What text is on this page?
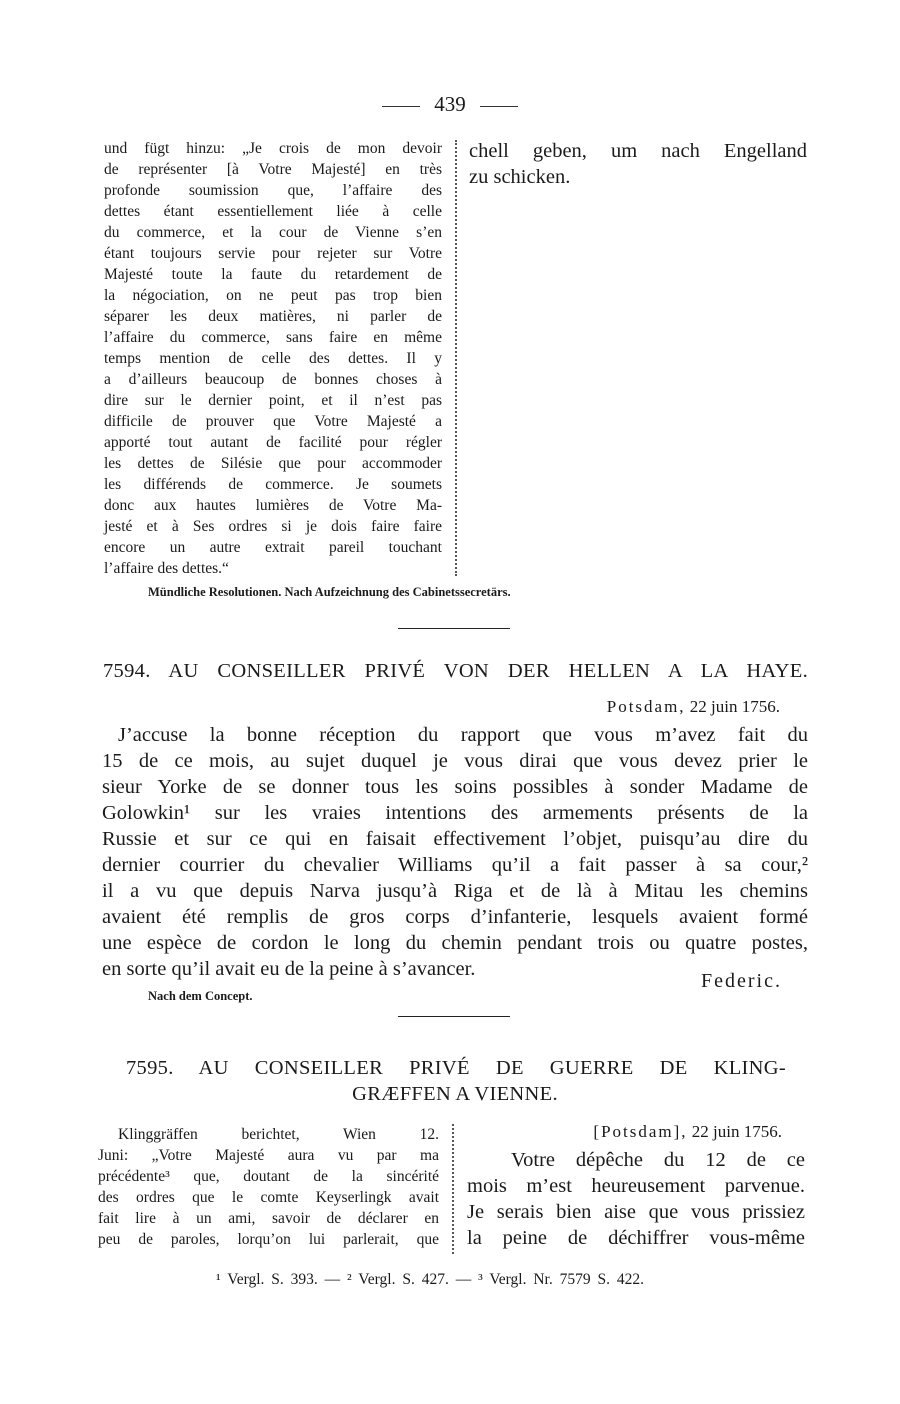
439
und fügt hinzu: „Je crois de mon devoir
de représenter [à Votre Majesté] en très
profonde soumission que, l’affaire des
dettes étant essentiellement liée à celle
du commerce, et la cour de Vienne s’en
étant toujours servie pour rejeter sur Votre
Majesté toute la faute du retardement de
la négociation, on ne peut pas trop bien
séparer les deux matières, ni parler de
l’affaire du commerce, sans faire en même
temps mention de celle des dettes. Il y
a d’ailleurs beaucoup de bonnes choses à
dire sur le dernier point, et il n’est pas
difficile de prouver que Votre Majesté a
apporté tout autant de facilité pour régler
les dettes de Silésie que pour accommoder
les différends de commerce. Je soumets
donc aux hautes lumières de Votre Ma-
jesté et à Ses ordres si je dois faire faire
encore un autre extrait pareil touchant
l’affaire des dettes.“
chell geben, um nach Engelland
zu schicken.
Mündliche Resolutionen. Nach Aufzeichnung des Cabinetssecretärs.
7594. AU CONSEILLER PRIVÉ VON DER HELLEN A LA HAYE.
Potsdam, 22 juin 1756.
J’accuse la bonne réception du rapport que vous m’avez fait du
15 de ce mois, au sujet duquel je vous dirai que vous devez prier le
sieur Yorke de se donner tous les soins possibles à sonder Madame de
Golowkin¹ sur les vraies intentions des armements présents de la
Russie et sur ce qui en faisait effectivement l’objet, puisqu’au dire du
dernier courrier du chevalier Williams qu’il a fait passer à sa cour,²
il a vu que depuis Narva jusqu’à Riga et de là à Mitau les chemins
avaient été remplis de gros corps d’infanterie, lesquels avaient formé
une espèce de cordon le long du chemin pendant trois ou quatre postes,
en sorte qu’il avait eu de la peine à s’avancer.
Federic.
Nach dem Concept.
7595. AU CONSEILLER PRIVÉ DE GUERRE DE KLING-
GRÆFFEN A VIENNE.
Klinggräffen berichtet, Wien 12.
Juni: „Votre Majesté aura vu par ma
précédente³ que, doutant de la sincérité
des ordres que le comte Keyserlingk avait
fait lire à un ami, savoir de déclarer en
peu de paroles, lorqu’on lui parlerait, que
[Potsdam], 22 juin 1756.
Votre dépêche du 12 de ce
mois m’est heureusement parvenue.
Je serais bien aise que vous prissiez
la peine de déchiffrer vous-même
¹ Vergl. S. 393. — ² Vergl. S. 427. — ³ Vergl. Nr. 7579 S. 422.
